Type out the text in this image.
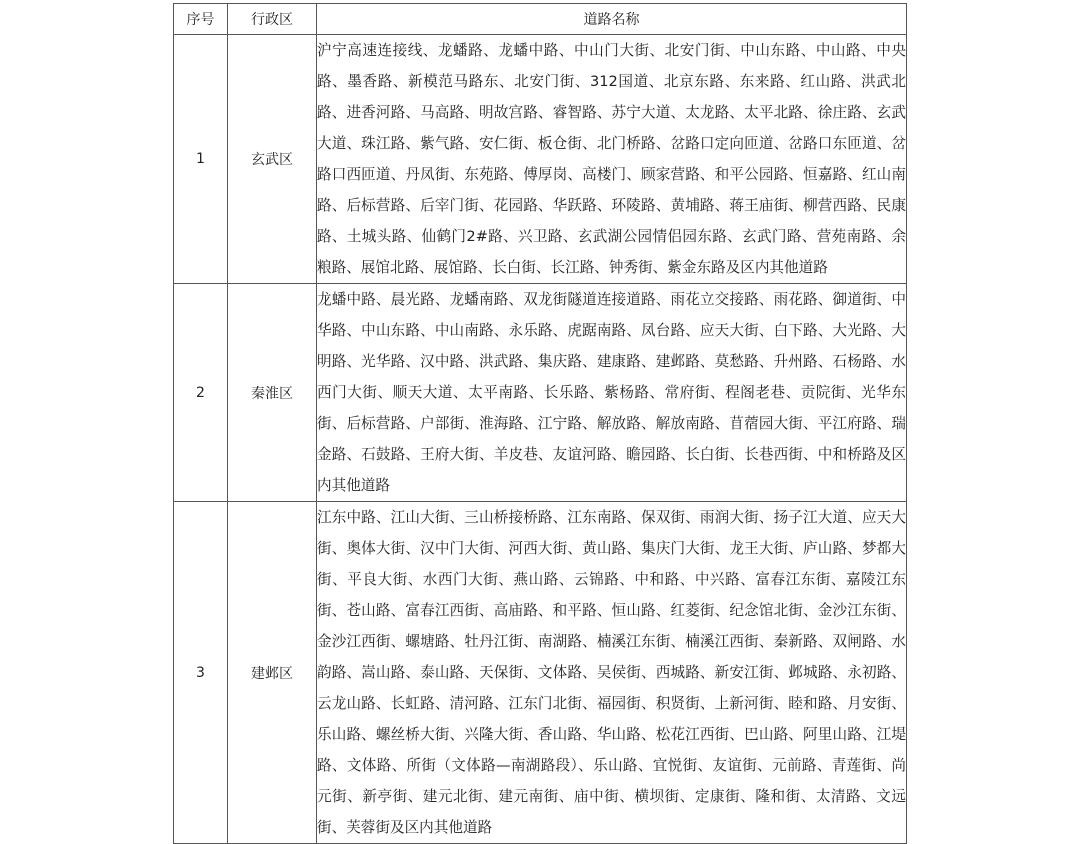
序号	行政区	道路名称
1	玄武区	沪宁高速连接线、龙蟠路、龙蟠中路、中山门大街、北安门街、中山东路、中山路、中央路、墨香路、新模范马路东、北安门街、312国道、北京东路、东来路、红山路、洪武北路、进香河路、马高路、明故宫路、睿智路、苏宁大道、太龙路、太平北路、徐庄路、玄武大道、珠江路、紫气路、安仁街、板仓街、北门桥路、岔路口定向匝道、岔路口东匝道、岔路口西匝道、丹凤街、东苑路、傅厚岗、高楼门、顾家营路、和平公园路、恒嘉路、红山南路、后标营路、后宰门街、花园路、华跃路、环陵路、黄埔路、蒋王庙街、柳营西路、民康路、土城头路、仙鹤门2#路、兴卫路、玄武湖公园情侣园东路、玄武门路、营苑南路、余粮路、展馆北路、展馆路、长白街、长江路、钟秀街、紫金东路及区内其他道路
2	秦淮区	龙蟠中路、晨光路、龙蟠南路、双龙街隧道连接道路、雨花立交接路、雨花路、御道街、中华路、中山东路、中山南路、永乐路、虎踞南路、凤台路、应天大街、白下路、大光路、大明路、光华路、汉中路、洪武路、集庆路、建康路、建邺路、莫愁路、升州路、石杨路、水西门大街、顺天大道、太平南路、长乐路、紫杨路、常府街、程阁老巷、贡院街、光华东街、后标营路、户部街、淮海路、江宁路、解放路、解放南路、苜蓿园大街、平江府路、瑞金路、石鼓路、王府大街、羊皮巷、友谊河路、瞻园路、长白街、长巷西街、中和桥路及区内其他道路
3	建邺区	江东中路、江山大街、三山桥接桥路、江东南路、保双街、雨润大街、扬子江大道、应天大街、奥体大街、汉中门大街、河西大街、黄山路、集庆门大街、龙王大街、庐山路、梦都大街、平良大街、水西门大街、燕山路、云锦路、中和路、中兴路、富春江东街、嘉陵江东街、苍山路、富春江西街、高庙路、和平路、恒山路、红菱街、纪念馆北街、金沙江东街、金沙江西街、螺塘路、牡丹江街、南湖路、楠溪江东街、楠溪江西街、秦新路、双闸路、水韵路、嵩山路、泰山路、天保街、文体路、吴侯街、西城路、新安江街、邺城路、永初路、云龙山路、长虹路、清河路、江东门北街、福园街、积贤街、上新河街、睦和路、月安街、乐山路、螺丝桥大街、兴隆大街、香山路、华山路、松花江西街、巴山路、阿里山路、江堤路、文体路、所街（文体路—南湖路段）、乐山路、宜悦街、友谊街、元前路、青莲街、尚元街、新亭街、建元北街、建元南街、庙中街、横坝街、定康街、隆和街、太清路、文远街、芙蓉街及区内其他道路
